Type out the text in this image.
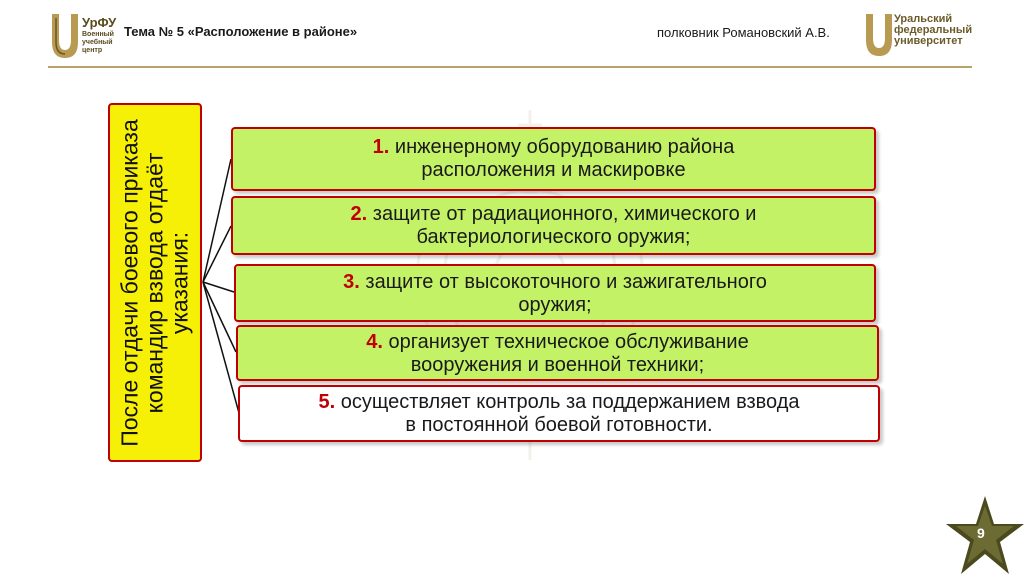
УрФУ
Военный
учебный
центр
Тема № 5 «Расположение в районе»	полковник Романовский А.В.
Уральский
федеральный
университет
После отдачи боевого приказа командир взвода отдаёт указания:
1. инженерному оборудованию района
расположения и маскировке
2. защите от радиационного, химического и
бактериологического оружия;
3. защите от высокоточного и зажигательного
оружия;
4. организует техническое обслуживание
вооружения и военной техники;
5. осуществляет контроль за поддержанием взвода
в постоянной боевой готовности.
9
